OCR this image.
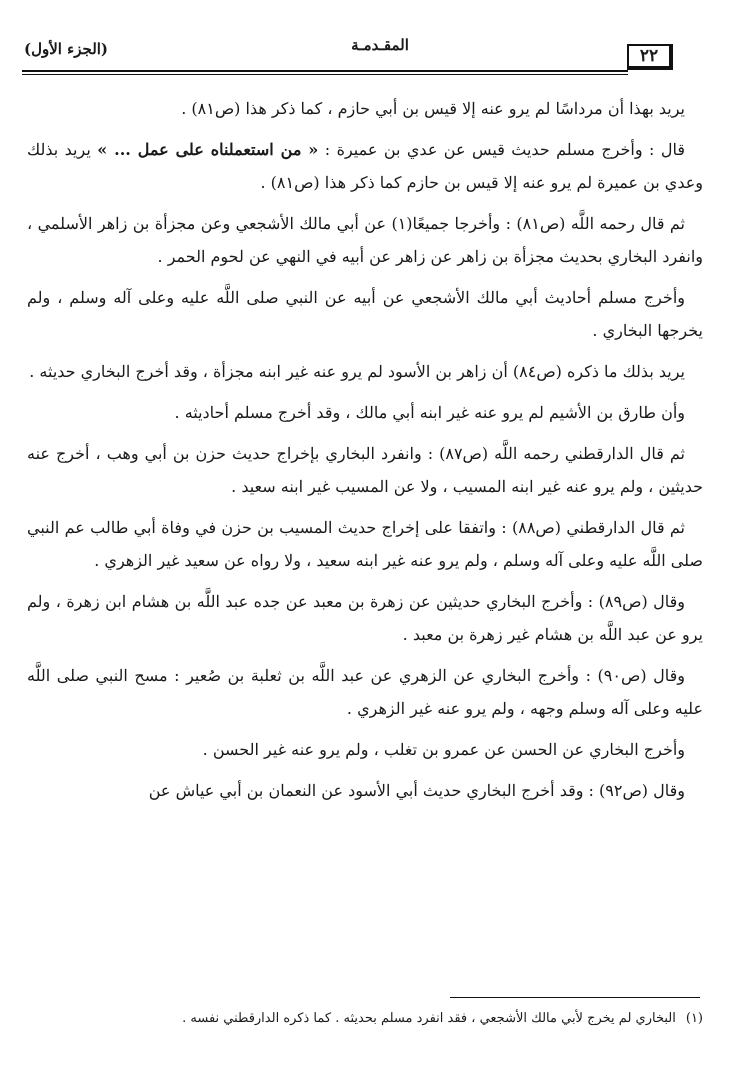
٢٢
المقـدمـة
(الجزء الأول)

يريد بهذا أن مرداسًا لم يرو عنه إلا قيس بن أبي حازم ، كما ذكر هذا (ص٨١) .

قال : وأخرج مسلم حديث قيس عن عدي بن عميرة : « من استعملناه على عمل ... » يريد بذلك وعدي بن عميرة لم يرو عنه إلا قيس بن حازم كما ذكر هذا (ص٨١) .

ثم قال رحمه اللَّه (ص٨١) : وأخرجا جميعًا(١) عن أبي مالك الأشجعي وعن مجزأة بن زاهر الأسلمي ، وانفرد البخاري بحديث مجزأة بن زاهر عن زاهر عن أبيه في النهي عن لحوم الحمر .

وأخرج مسلم أحاديث أبي مالك الأشجعي عن أبيه عن النبي صلى اللَّه عليه وعلى آله وسلم ، ولم يخرجها البخاري .

يريد بذلك ما ذكره (ص٨٤) أن زاهر بن الأسود لم يرو عنه غير ابنه مجزأة ، وقد أخرج البخاري حديثه .

وأن طارق بن الأشيم لم يرو عنه غير ابنه أبي مالك ، وقد أخرج مسلم أحاديثه .

ثم قال الدارقطني رحمه اللَّه (ص٨٧) : وانفرد البخاري بإخراج حديث حزن بن أبي وهب ، أخرج عنه حديثين ، ولم يرو عنه غير ابنه المسيب ، ولا عن المسيب غير ابنه سعيد .

ثم قال الدارقطني (ص٨٨) : واتفقا على إخراج حديث المسيب بن حزن في وفاة أبي طالب عم النبي صلى اللَّه عليه وعلى آله وسلم ، ولم يرو عنه غير ابنه سعيد ، ولا رواه عن سعيد غير الزهري .

وقال (ص٨٩) : وأخرج البخاري حديثين عن زهرة بن معبد عن جده عبد اللَّه بن هشام ابن زهرة ، ولم يرو عن عبد اللَّه بن هشام غير زهرة بن معبد .

وقال (ص٩٠) : وأخرج البخاري عن الزهري عن عبد اللَّه بن ثعلبة بن صُعير : مسح النبي صلى اللَّه عليه وعلى آله وسلم وجهه ، ولم يرو عنه غير الزهري .

وأخرج البخاري عن الحسن عن عمرو بن تغلب ، ولم يرو عنه غير الحسن .

وقال (ص٩٢) : وقد أخرج البخاري حديث أبي الأسود عن النعمان بن أبي عياش عن

(١)البخاري لم يخرج لأبي مالك الأشجعي ، فقد انفرد مسلم بحديثه . كما ذكره الدارقطني نفسه .
